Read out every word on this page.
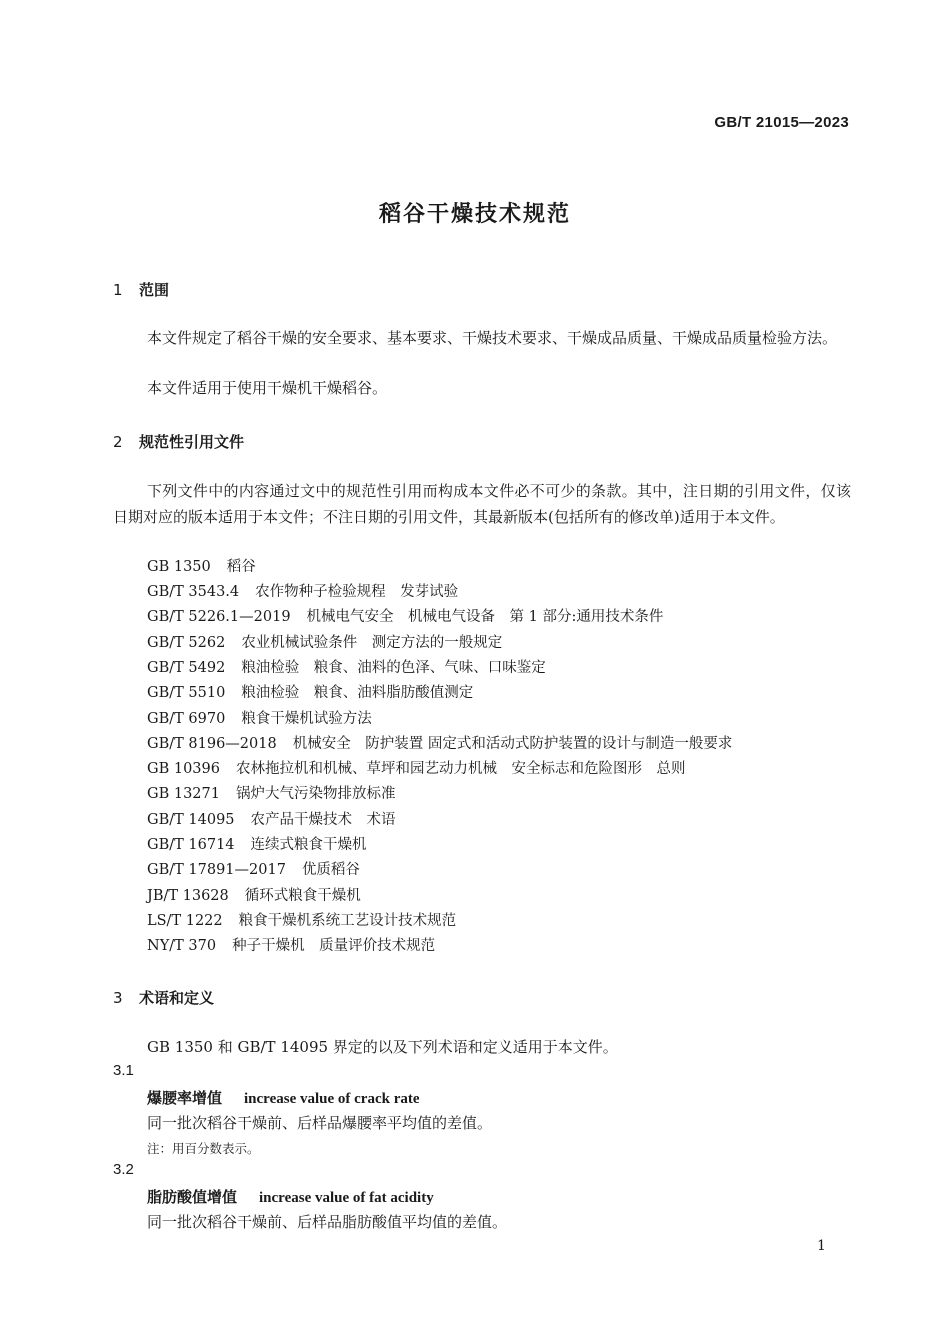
GB/T 21015—2023
稻谷干燥技术规范
1 范围
本文件规定了稻谷干燥的安全要求、基本要求、干燥技术要求、干燥成品质量、干燥成品质量检验方法。
本文件适用于使用干燥机干燥稻谷。
2 规范性引用文件
下列文件中的内容通过文中的规范性引用而构成本文件必不可少的条款。其中，注日期的引用文件，仅该日期对应的版本适用于本文件；不注日期的引用文件，其最新版本(包括所有的修改单)适用于本文件。
GB 1350 稻谷
GB/T 3543.4 农作物种子检验规程　发芽试验
GB/T 5226.1—2019 机械电气安全　机械电气设备　第 1 部分:通用技术条件
GB/T 5262 农业机械试验条件　测定方法的一般规定
GB/T 5492 粮油检验　粮食、油料的色泽、气味、口味鉴定
GB/T 5510 粮油检验　粮食、油料脂肪酸值测定
GB/T 6970 粮食干燥机试验方法
GB/T 8196—2018 机械安全　防护装置 固定式和活动式防护装置的设计与制造一般要求
GB 10396 农林拖拉机和机械、草坪和园艺动力机械　安全标志和危险图形　总则
GB 13271 锅炉大气污染物排放标准
GB/T 14095 农产品干燥技术　术语
GB/T 16714 连续式粮食干燥机
GB/T 17891—2017 优质稻谷
JB/T 13628 循环式粮食干燥机
LS/T 1222 粮食干燥机系统工艺设计技术规范
NY/T 370 种子干燥机　质量评价技术规范
3 术语和定义
GB 1350 和 GB/T 14095 界定的以及下列术语和定义适用于本文件。
3.1
爆腰率增值 increase value of crack rate
同一批次稻谷干燥前、后样品爆腰率平均值的差值。
注：用百分数表示。
3.2
脂肪酸值增值 increase value of fat acidity
同一批次稻谷干燥前、后样品脂肪酸值平均值的差值。
1
